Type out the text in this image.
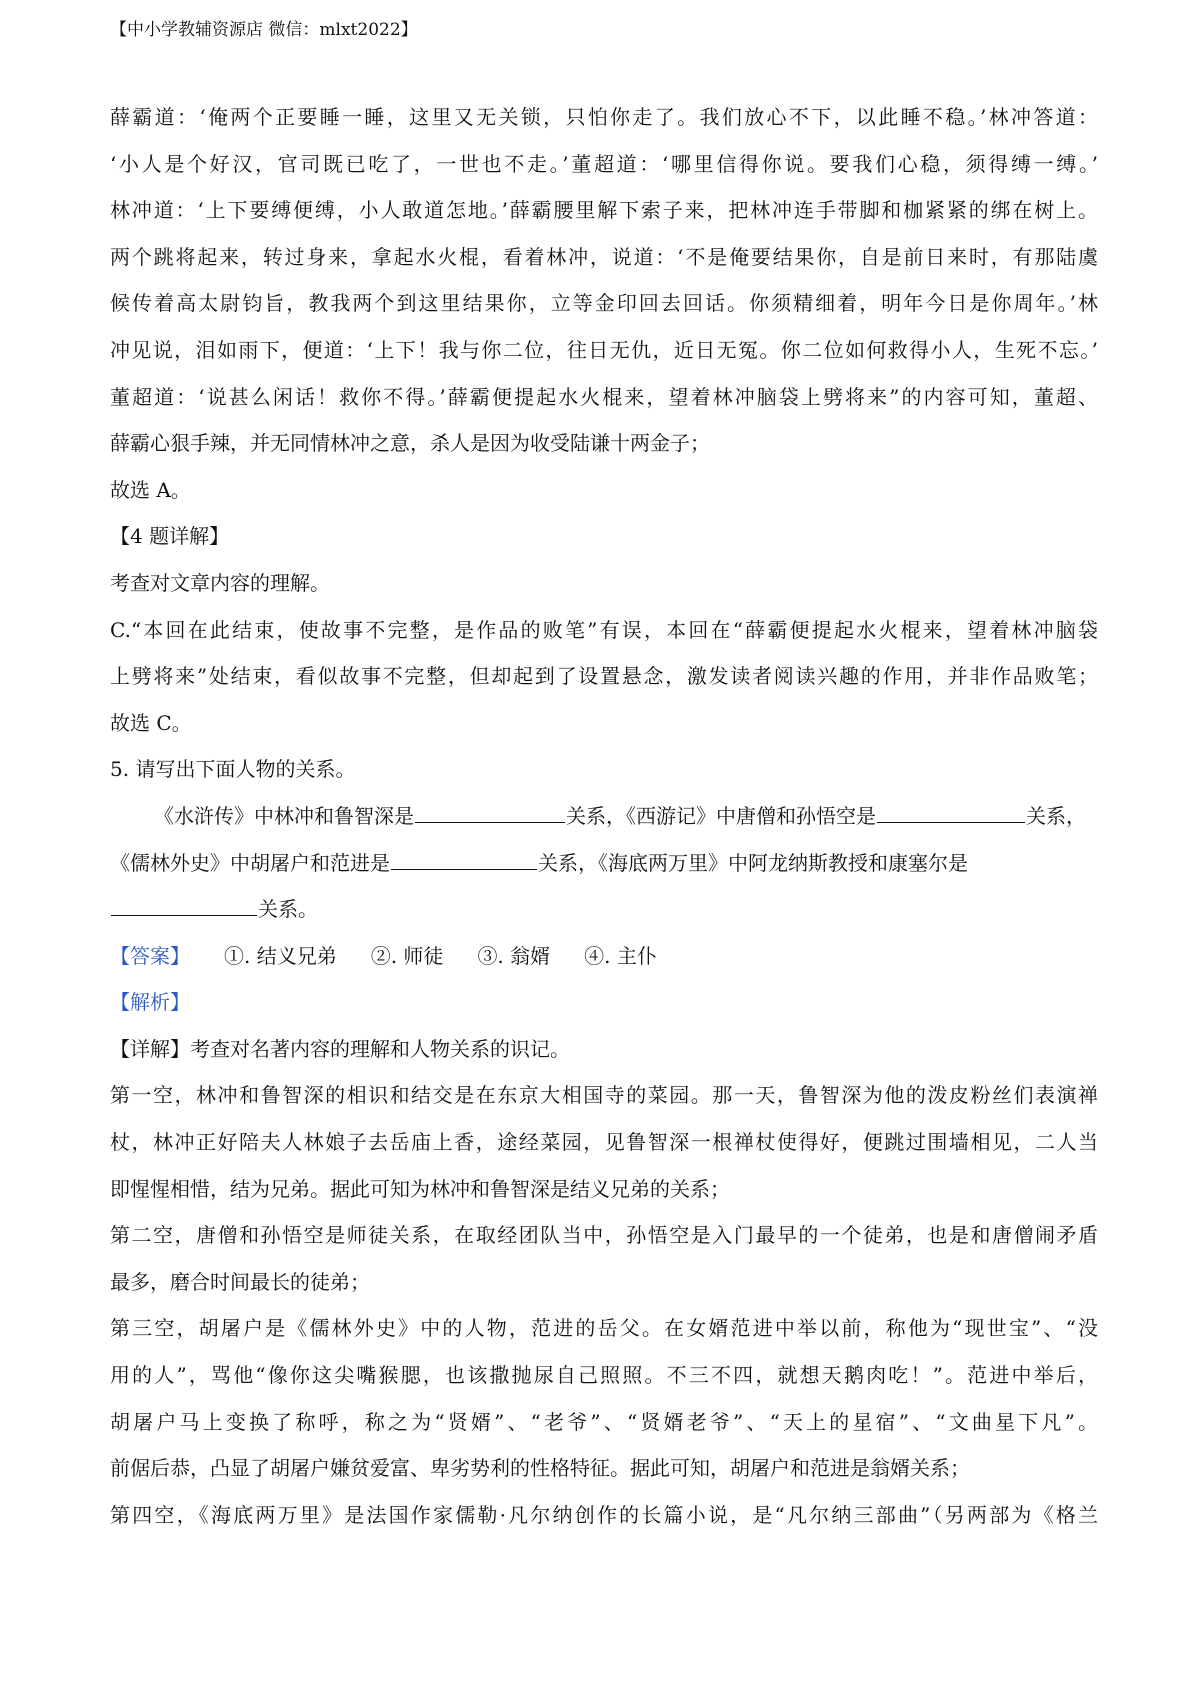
【中小学教辅资源店 微信：mlxt2022】
薛霸道：‘俺两个正要睡一睡，这里又无关锁，只怕你走了。我们放心不下，以此睡不稳。’林冲答道：
‘小人是个好汉，官司既已吃了，一世也不走。’董超道：‘哪里信得你说。要我们心稳，须得缚一缚。’
林冲道：‘上下要缚便缚，小人敢道怎地。’薛霸腰里解下索子来，把林冲连手带脚和枷紧紧的绑在树上。
两个跳将起来，转过身来，拿起水火棍，看着林冲，说道：‘不是俺要结果你，自是前日来时，有那陆虞
候传着高太尉钧旨，教我两个到这里结果你，立等金印回去回话。你须精细着，明年今日是你周年。’林
冲见说，泪如雨下，便道：‘上下！我与你二位，往日无仇，近日无冤。你二位如何救得小人，生死不忘。’
董超道：‘说甚么闲话！救你不得。’薛霸便提起水火棍来，望着林冲脑袋上劈将来”的内容可知，董超、
薛霸心狠手辣，并无同情林冲之意，杀人是因为收受陆谦十两金子；
故选 A。
【4 题详解】
考查对文章内容的理解。
C.“本回在此结束，使故事不完整，是作品的败笔”有误，本回在“薛霸便提起水火棍来，望着林冲脑袋
上劈将来”处结束，看似故事不完整，但却起到了设置悬念，激发读者阅读兴趣的作用，并非作品败笔；
故选 C。
5. 请写出下面人物的关系。
《水浒传》中林冲和鲁智深是	关系，《西游记》中唐僧和孙悟空是	关系，
《儒林外史》中胡屠户和范进是	关系，《海底两万里》中阿龙纳斯教授和康塞尔是
关系。
【答案】 ①. 结义兄弟 ②. 师徒 ③. 翁婿 ④. 主仆
【解析】
【详解】考查对名著内容的理解和人物关系的识记。
第一空，林冲和鲁智深的相识和结交是在东京大相国寺的菜园。那一天，鲁智深为他的泼皮粉丝们表演禅
杖，林冲正好陪夫人林娘子去岳庙上香，途经菜园，见鲁智深一根禅杖使得好，便跳过围墙相见，二人当
即惺惺相惜，结为兄弟。据此可知为林冲和鲁智深是结义兄弟的关系；
第二空，唐僧和孙悟空是师徒关系，在取经团队当中，孙悟空是入门最早的一个徒弟，也是和唐僧闹矛盾
最多，磨合时间最长的徒弟；
第三空，胡屠户是《儒林外史》中的人物，范进的岳父。在女婿范进中举以前，称他为“现世宝”、“没
用的人”，骂他“像你这尖嘴猴腮，也该撒抛尿自己照照。不三不四，就想天鹅肉吃！”。范进中举后，
胡屠户马上变换了称呼，称之为“贤婿”、“老爷”、“贤婿老爷”、“天上的星宿”、“文曲星下凡”。
前倨后恭，凸显了胡屠户嫌贫爱富、卑劣势利的性格特征。据此可知，胡屠户和范进是翁婿关系；
第四空，《海底两万里》是法国作家儒勒·凡尔纳创作的长篇小说，是“凡尔纳三部曲”（另两部为《格兰
